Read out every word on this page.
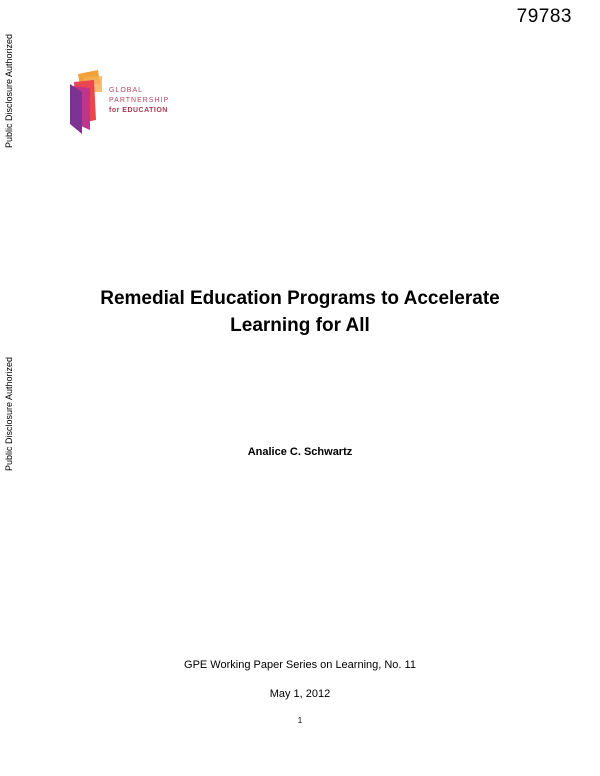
79783
Public Disclosure Authorized
Public Disclosure Authorized
GLOBAL
PARTNERSHIP
for EDUCATION
Remedial Education Programs to Accelerate
Learning for All
Analice C. Schwartz
GPE Working Paper Series on Learning, No. 11
May 1, 2012
1
